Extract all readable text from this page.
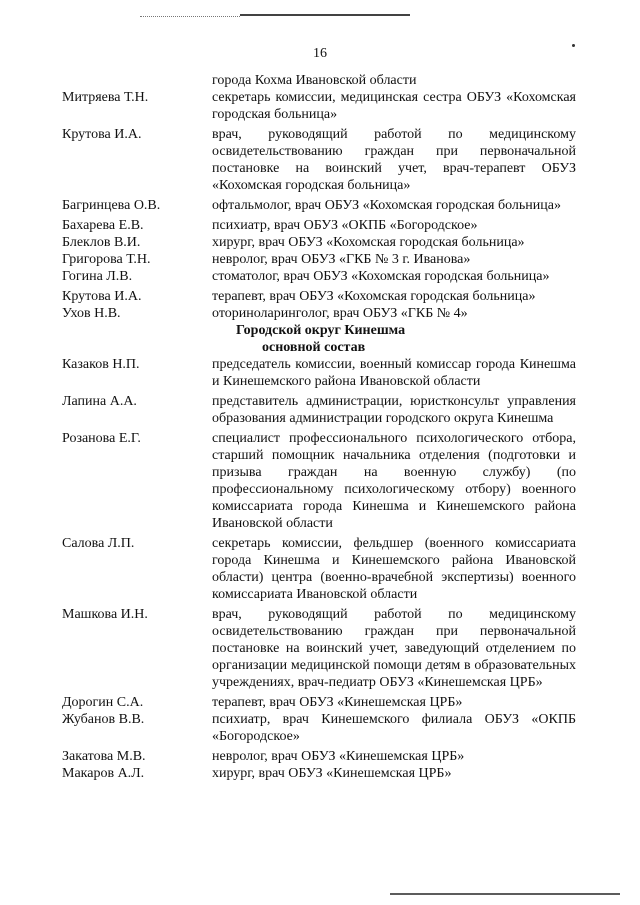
16
города Кохма Ивановской области
Митряева Т.Н.	секретарь комиссии, медицинская сестра ОБУЗ «Кохомская городская больница»
Крутова И.А.	врач, руководящий работой по медицинскому освидетельствованию граждан при первоначальной постановке на воинский учет, врач-терапевт ОБУЗ «Кохомская городская больница»
Багринцева О.В.	офтальмолог, врач ОБУЗ «Кохомская городская больница»
Бахарева Е.В.	психиатр, врач ОБУЗ «ОКПБ «Богородское»
Блеклов В.И.	хирург, врач ОБУЗ «Кохомская городская больница»
Григорова Т.Н.	невролог, врач ОБУЗ «ГКБ № 3 г. Иванова»
Гогина Л.В.	стоматолог, врач ОБУЗ «Кохомская городская больница»
Крутова И.А.	терапевт, врач ОБУЗ «Кохомская городская больница»
Ухов Н.В.	оториноларинголог, врач ОБУЗ «ГКБ № 4»
Городской округ Кинешма
основной состав
Казаков Н.П.	председатель комиссии, военный комиссар города Кинешма и Кинешемского района Ивановской области
Лапина А.А.	представитель администрации, юристконсульт управления образования администрации городского округа Кинешма
Розанова Е.Г.	специалист профессионального психологического отбора, старший помощник начальника отделения (подготовки и призыва граждан на военную службу) (по профессиональному психологическому отбору) военного комиссариата города Кинешма и Кинешемского района Ивановской области
Салова Л.П.	секретарь комиссии, фельдшер (военного комиссариата города Кинешма и Кинешемского района Ивановской области) центра (военно-врачебной экспертизы) военного комиссариата Ивановской области
Машкова И.Н.	врач, руководящий работой по медицинскому освидетельствованию граждан при первоначальной постановке на воинский учет, заведующий отделением по организации медицинской помощи детям в образовательных учреждениях, врач-педиатр ОБУЗ «Кинешемская ЦРБ»
Дорогин С.А.	терапевт, врач ОБУЗ «Кинешемская ЦРБ»
Жубанов В.В.	психиатр, врач Кинешемского филиала ОБУЗ «ОКПБ «Богородское»
Закатова М.В.	невролог, врач ОБУЗ «Кинешемская ЦРБ»
Макаров А.Л.	хирург, врач ОБУЗ «Кинешемская ЦРБ»
